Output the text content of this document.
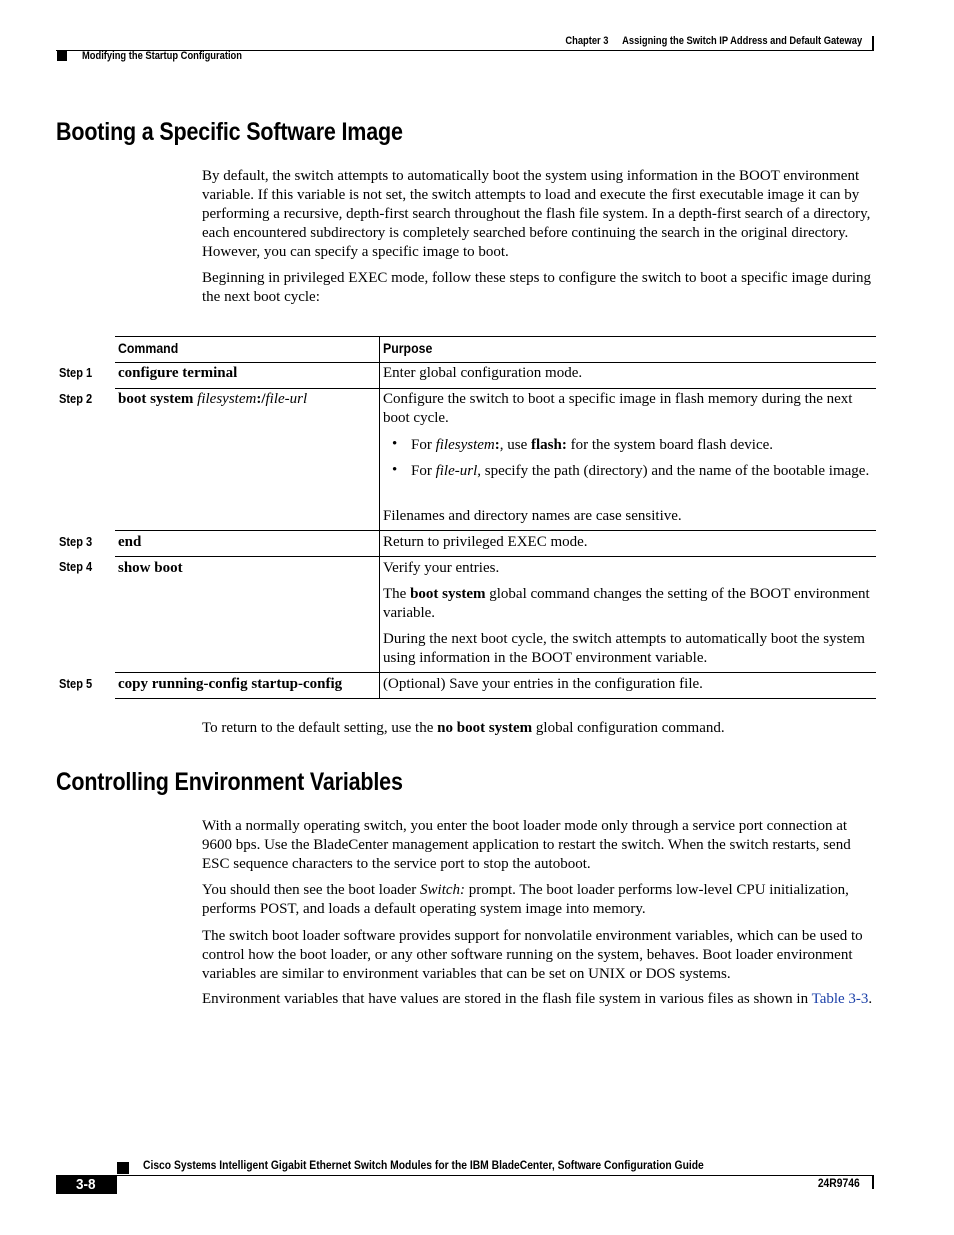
Chapter 3 Assigning the Switch IP Address and Default Gateway
Modifying the Startup Configuration
Booting a Specific Software Image
By default, the switch attempts to automatically boot the system using information in the BOOT environment variable. If this variable is not set, the switch attempts to load and execute the first executable image it can by performing a recursive, depth-first search throughout the flash file system. In a depth-first search of a directory, each encountered subdirectory is completely searched before continuing the search in the original directory. However, you can specify a specific image to boot.
Beginning in privileged EXEC mode, follow these steps to configure the switch to boot a specific image during the next boot cycle:
Command	Purpose
Step 1 configure terminal	Enter global configuration mode.
Step 2 boot system filesystem:/file-url	Configure the switch to boot a specific image in flash memory during the next boot cycle.
• For filesystem:, use flash: for the system board flash device.
• For file-url, specify the path (directory) and the name of the bootable image.
Filenames and directory names are case sensitive.
Step 3 end	Return to privileged EXEC mode.
Step 4 show boot	Verify your entries.
The boot system global command changes the setting of the BOOT environment variable.
During the next boot cycle, the switch attempts to automatically boot the system using information in the BOOT environment variable.
Step 5 copy running-config startup-config	(Optional) Save your entries in the configuration file.
To return to the default setting, use the no boot system global configuration command.
Controlling Environment Variables
With a normally operating switch, you enter the boot loader mode only through a service port connection at 9600 bps. Use the BladeCenter management application to restart the switch. When the switch restarts, send ESC sequence characters to the service port to stop the autoboot.
You should then see the boot loader Switch: prompt. The boot loader performs low-level CPU initialization, performs POST, and loads a default operating system image into memory.
The switch boot loader software provides support for nonvolatile environment variables, which can be used to control how the boot loader, or any other software running on the system, behaves. Boot loader environment variables are similar to environment variables that can be set on UNIX or DOS systems.
Environment variables that have values are stored in the flash file system in various files as shown in Table 3-3.
Cisco Systems Intelligent Gigabit Ethernet Switch Modules for the IBM BladeCenter, Software Configuration Guide
3-8	24R9746
